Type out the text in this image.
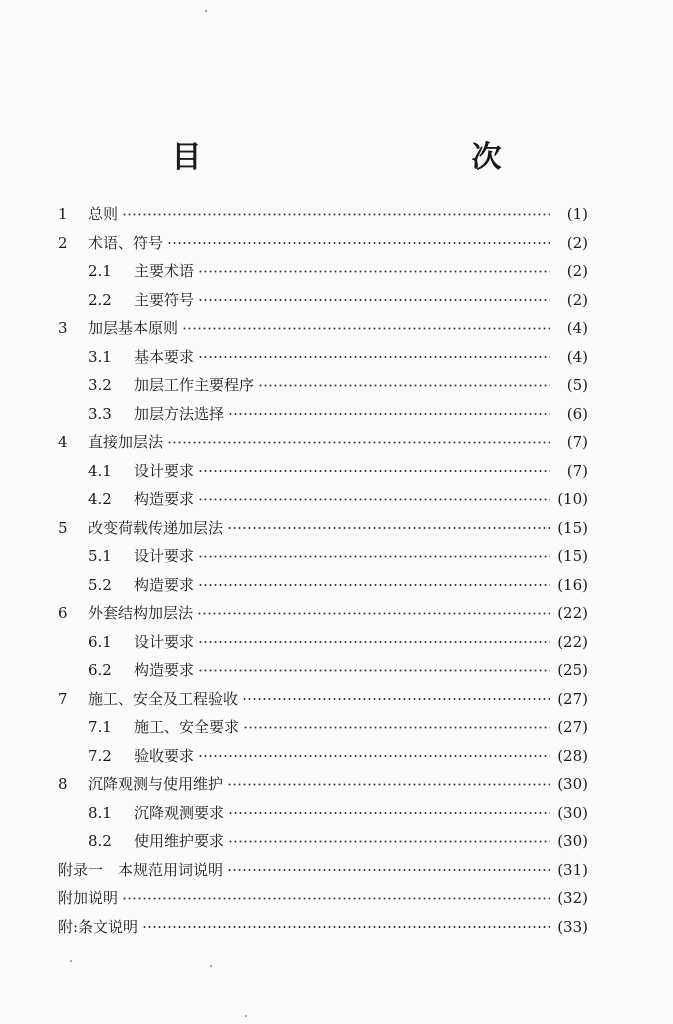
目　　次
1	总则	(1)
2	术语、符号	(2)
2.1	主要术语	(2)
2.2	主要符号	(2)
3	加层基本原则	(4)
3.1	基本要求	(4)
3.2	加层工作主要程序	(5)
3.3	加层方法选择	(6)
4	直接加层法	(7)
4.1	设计要求	(7)
4.2	构造要求	(10)
5	改变荷载传递加层法	(15)
5.1	设计要求	(15)
5.2	构造要求	(16)
6	外套结构加层法	(22)
6.1	设计要求	(22)
6.2	构造要求	(25)
7	施工、安全及工程验收	(27)
7.1	施工、安全要求	(27)
7.2	验收要求	(28)
8	沉降观测与使用维护	(30)
8.1	沉降观测要求	(30)
8.2	使用维护要求	(30)
附录一　本规范用词说明	(31)
附加说明	(32)
附:条文说明	(33)
